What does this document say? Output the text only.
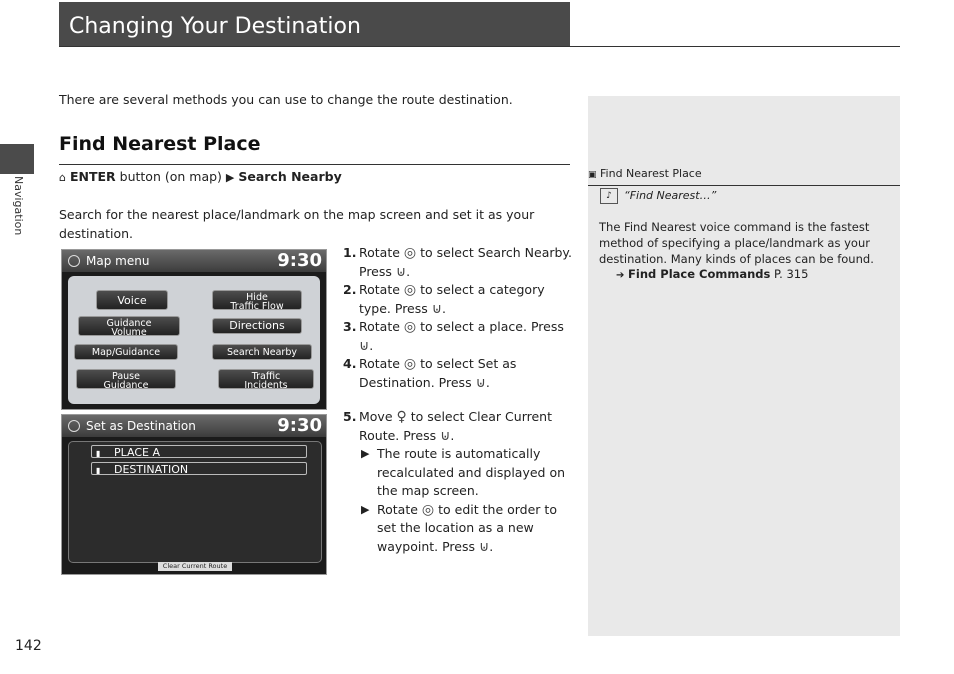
Changing Your Destination
Navigation
There are several methods you can use to change the route destination.
Find Nearest Place
⌂ ENTER button (on map) ▶ Search Nearby
Search for the nearest place/landmark on the map screen and set it as your destination.
Map menu	9:30
Voice	Hide
Traffic Flow
Guidance
Volume
Directions
Map/Guidance	Search Nearby
Pause
Guidance
Traffic
Incidents
Set as Destination	9:30
▮ PLACE A
▮ DESTINATION
Clear Current Route
1. Rotate ◎ to select Search Nearby. Press ⊍.
2. Rotate ◎ to select a category type. Press ⊍.
3. Rotate ◎ to select a place. Press ⊍.
4. Rotate ◎ to select Set as Destination. Press ⊍.
5. Move ♀ to select Clear Current Route. Press ⊍.
▶ The route is automatically recalculated and displayed on the map screen.
▶ Rotate ◎ to edit the order to set the location as a new waypoint. Press ⊍.
▣ Find Nearest Place
♪ “Find Nearest…”
The Find Nearest voice command is the fastest method of specifying a place/landmark as your destination. Many kinds of places can be found.
➔ Find Place Commands P. 315
142
